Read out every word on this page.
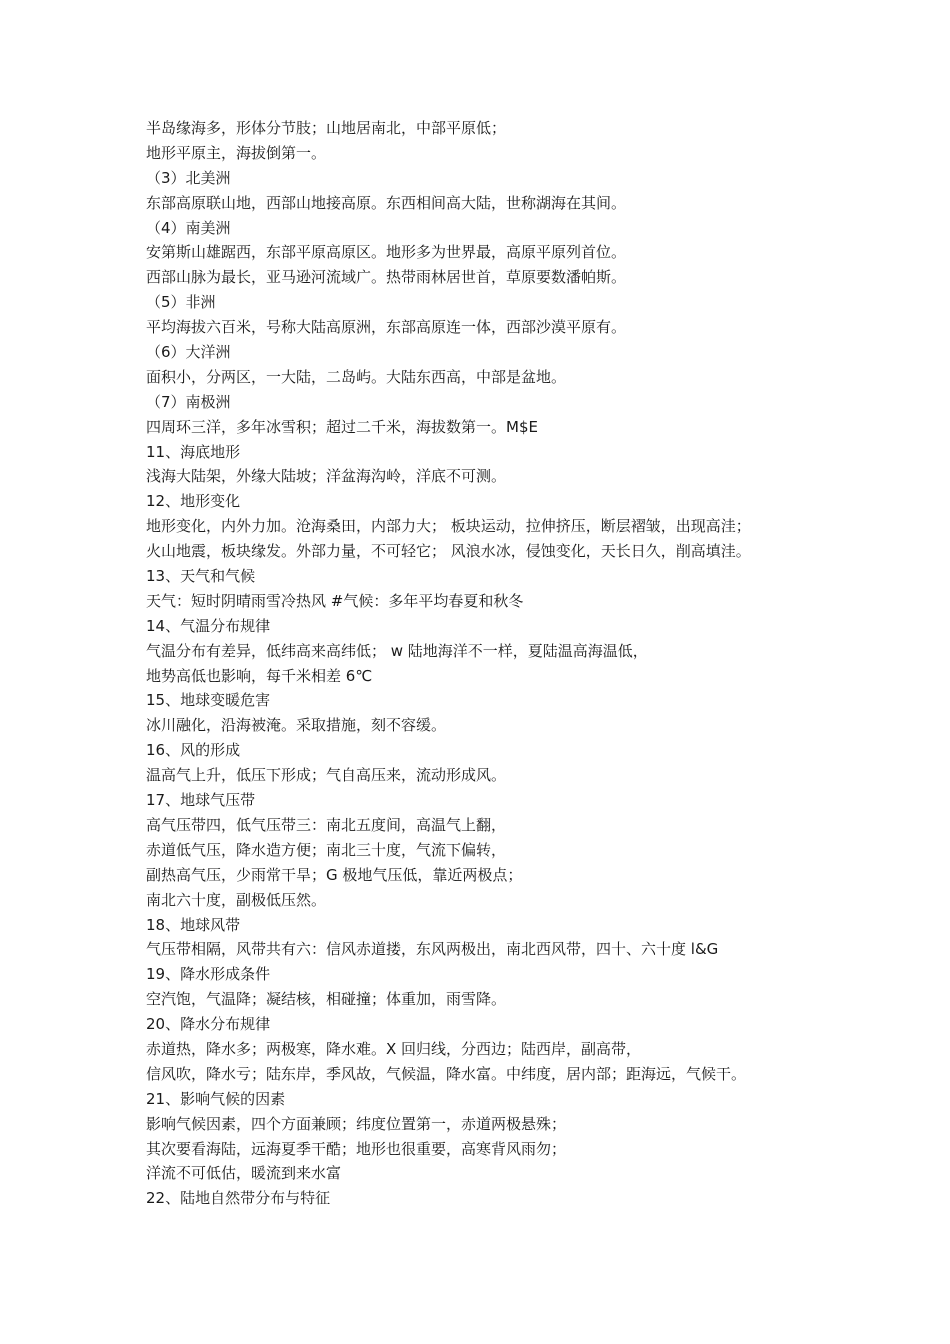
半岛缘海多，形体分节肢；山地居南北，中部平原低；
地形平原主，海拔倒第一。
（3）北美洲
东部高原联山地，西部山地接高原。东西相间高大陆，世称湖海在其间。
（4）南美洲
安第斯山雄踞西，东部平原高原区。地形多为世界最，高原平原列首位。
西部山脉为最长，亚马逊河流域广。热带雨林居世首，草原要数潘帕斯。
（5）非洲
平均海拔六百米，号称大陆高原洲，东部高原连一体，西部沙漠平原有。
（6）大洋洲
面积小，分两区，一大陆，二岛屿。大陆东西高，中部是盆地。
（7）南极洲
四周环三洋，多年冰雪积；超过二千米，海拔数第一。M$E
11、海底地形
浅海大陆架，外缘大陆坡；洋盆海沟岭，洋底不可测。
12、地形变化
地形变化，内外力加。沧海桑田，内部力大； 板块运动，拉伸挤压，断层褶皱，出现高洼；
火山地震，板块缘发。外部力量，不可轻它； 风浪水冰，侵蚀变化，天长日久，削高填洼。
13、天气和气候
天气：短时阴晴雨雪冷热风 #气候：多年平均春夏和秋冬
14、气温分布规律
气温分布有差异，低纬高来高纬低； w 陆地海洋不一样，夏陆温高海温低，
地势高低也影响，每千米相差 6℃
15、地球变暖危害
冰川融化，沿海被淹。采取措施，刻不容缓。
16、风的形成
温高气上升，低压下形成；气自高压来，流动形成风。
17、地球气压带
高气压带四，低气压带三：南北五度间，高温气上翻，
赤道低气压，降水造方便；南北三十度，气流下偏转，
副热高气压，少雨常干旱；G 极地气压低，靠近两极点；
南北六十度，副极低压然。
18、地球风带
气压带相隔，风带共有六：信风赤道搂，东风两极出，南北西风带，四十、六十度 l&G
19、降水形成条件
空汽饱，气温降；凝结核，相碰撞；体重加，雨雪降。
20、降水分布规律
赤道热，降水多；两极寒，降水难。X 回归线，分西边；陆西岸，副高带，
信风吹，降水亏；陆东岸，季风故，气候温，降水富。中纬度，居内部；距海远，气候干。
21、影响气候的因素
影响气候因素，四个方面兼顾；纬度位置第一，赤道两极悬殊；
其次要看海陆，远海夏季干酷；地形也很重要，高寒背风雨勿；
洋流不可低估，暖流到来水富
22、陆地自然带分布与特征
